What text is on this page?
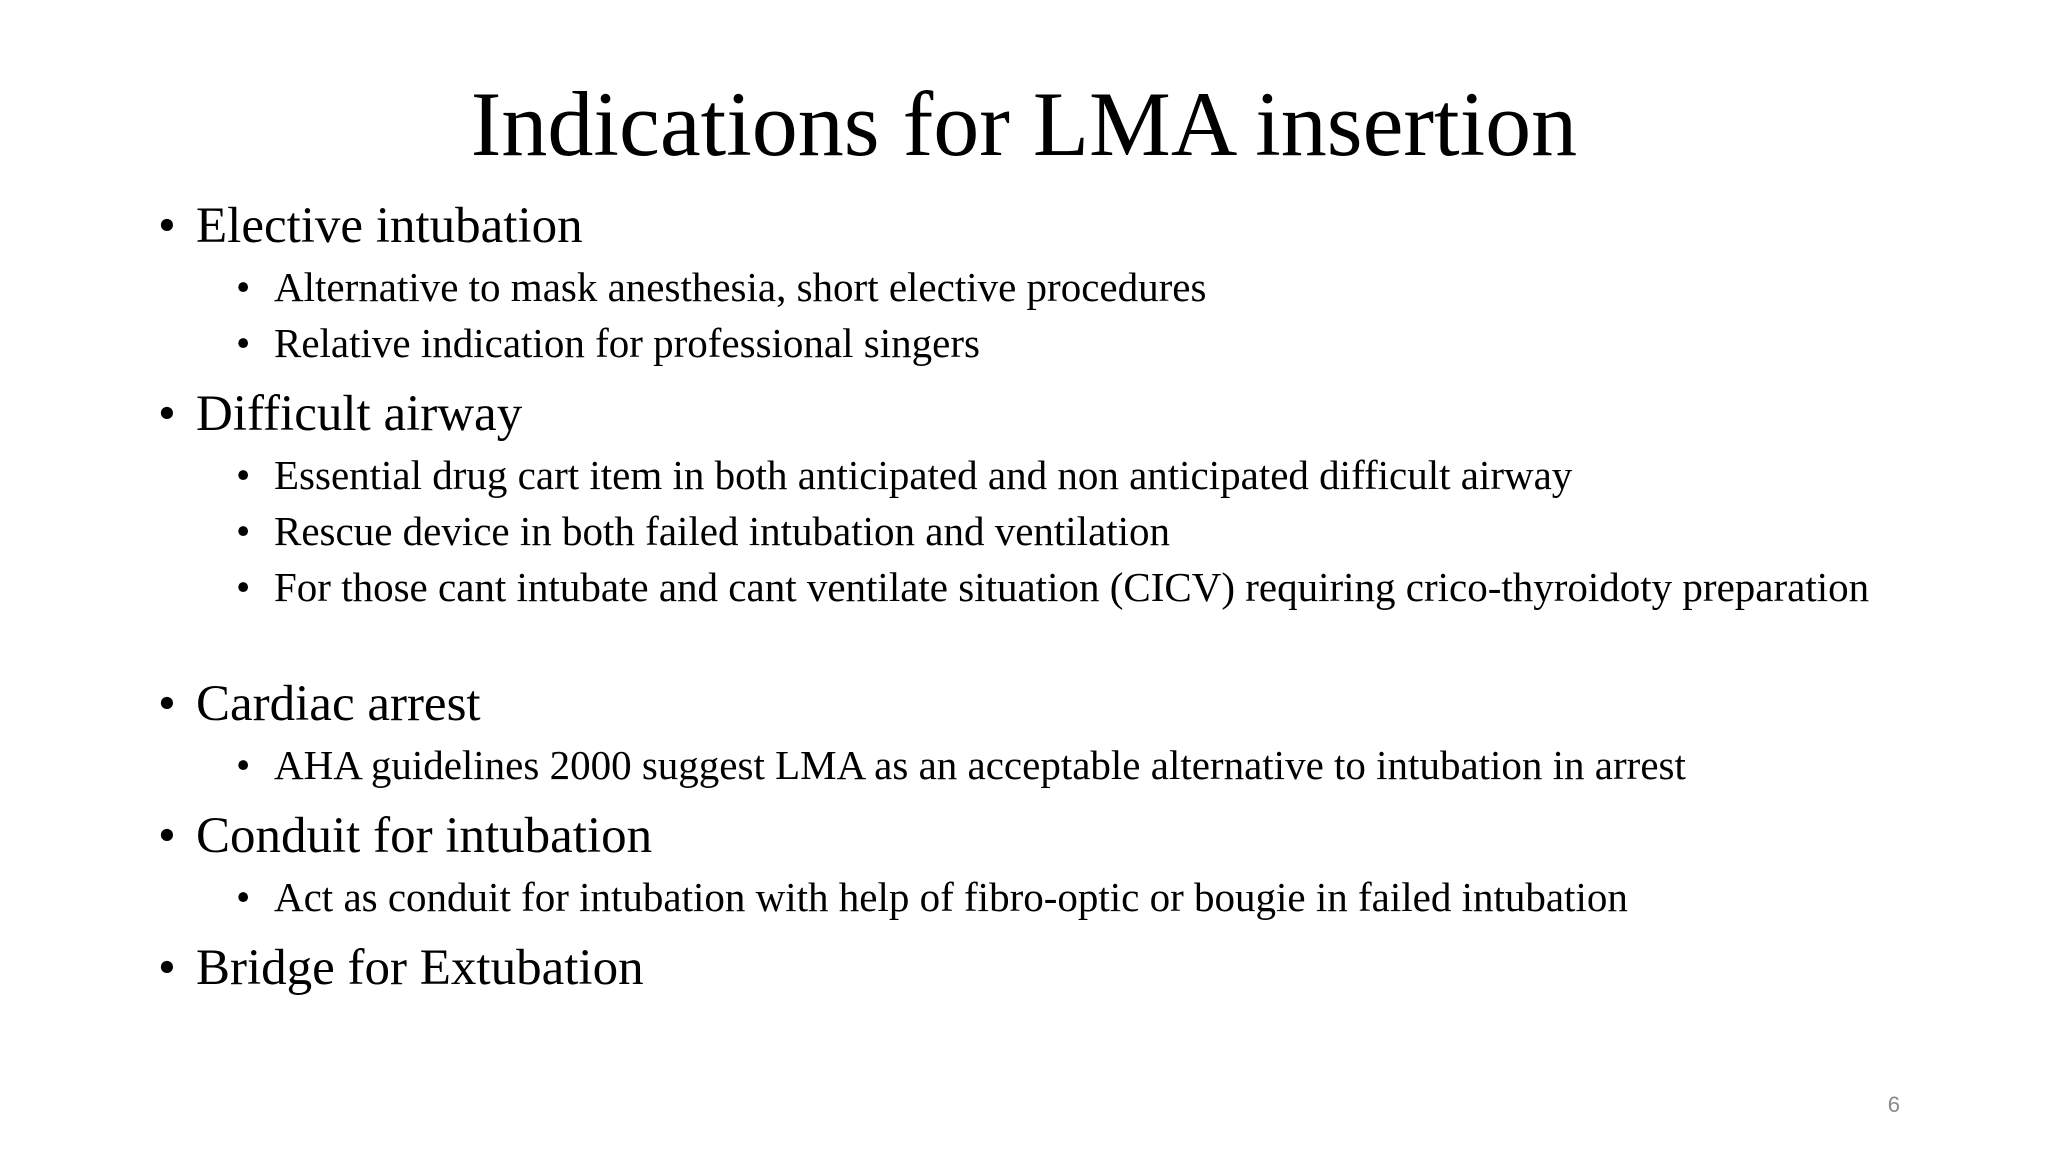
Indications for LMA insertion
• Elective intubation
• Alternative to mask anesthesia, short elective procedures
• Relative indication for professional singers
• Difficult airway
• Essential drug cart item in both anticipated and non anticipated difficult airway
• Rescue device in both failed intubation and ventilation
• For those cant intubate and cant ventilate situation (CICV) requiring crico-thyroidoty preparation
• Cardiac arrest
• AHA guidelines 2000 suggest LMA as an acceptable alternative to intubation in arrest
• Conduit for intubation
• Act as conduit for intubation with help of fibro-optic or bougie in failed intubation
• Bridge for Extubation
6
